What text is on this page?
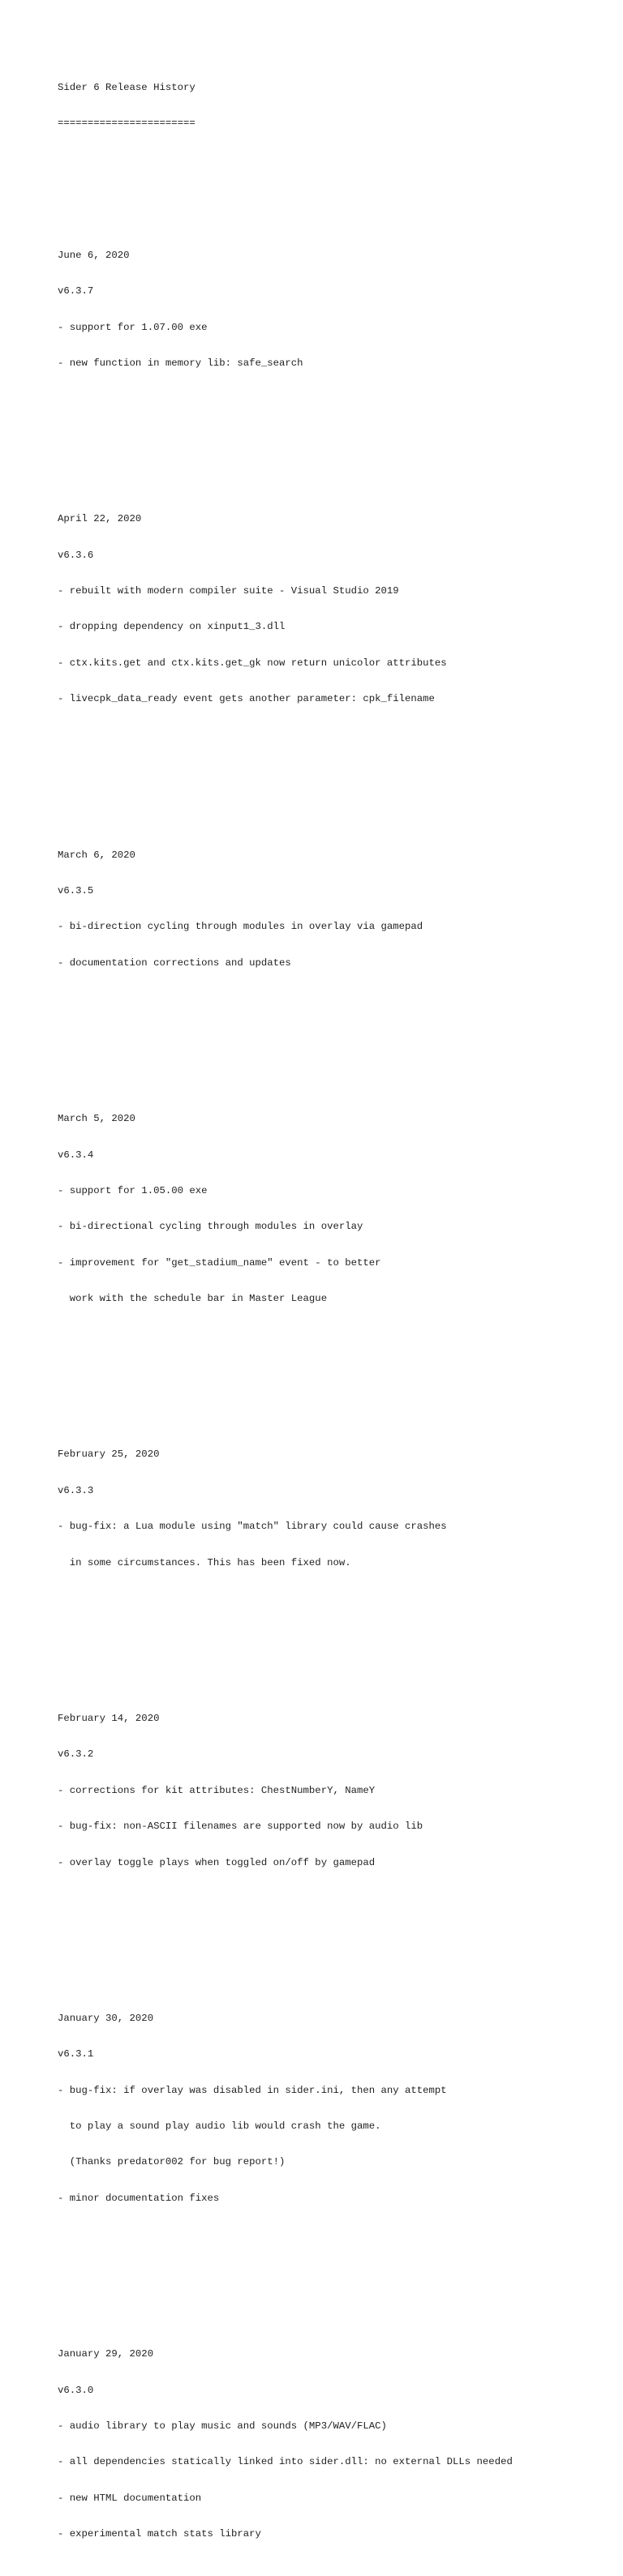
Sider 6 Release History

=======================

June 6, 2020

v6.3.7

- support for 1.07.00 exe

- new function in memory lib: safe_search

April 22, 2020

v6.3.6

- rebuilt with modern compiler suite - Visual Studio 2019

- dropping dependency on xinput1_3.dll

- ctx.kits.get and ctx.kits.get_gk now return unicolor attributes

- livecpk_data_ready event gets another parameter: cpk_filename

March 6, 2020

v6.3.5

- bi-direction cycling through modules in overlay via gamepad

- documentation corrections and updates

March 5, 2020

v6.3.4

- support for 1.05.00 exe

- bi-directional cycling through modules in overlay

- improvement for "get_stadium_name" event - to better

work with the schedule bar in Master League

February 25, 2020

v6.3.3

- bug-fix: a Lua module using "match" library could cause crashes

in some circumstances. This has been fixed now.

February 14, 2020

v6.3.2

- corrections for kit attributes: ChestNumberY, NameY

- bug-fix: non-ASCII filenames are supported now by audio lib

- overlay toggle plays when toggled on/off by gamepad

January 30, 2020

v6.3.1

- bug-fix: if overlay was disabled in sider.ini, then any attempt

to play a sound play audio lib would crash the game.

(Thanks predator002 for bug report!)

- minor documentation fixes

January 29, 2020

v6.3.0

- audio library to play music and sounds (MP3/WAV/FLAC)

- all dependencies statically linked into sider.dll: no external DLLs needed

- new HTML documentation

- experimental match stats library
